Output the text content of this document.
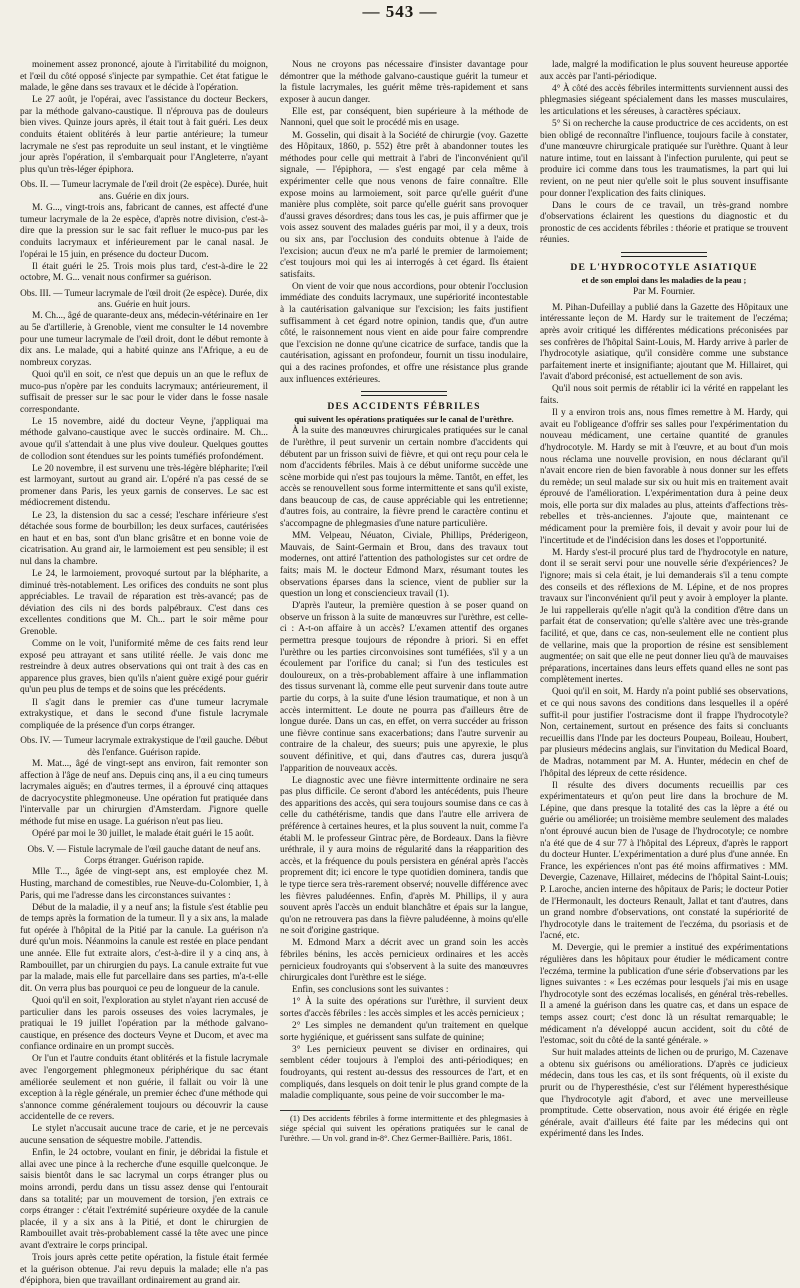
— 543 —

moinement assez prononcé, ajoute à l'irritabilité du moignon, et l'œil du côté opposé s'injecte par sympathie. Cet état fatigue le malade, le gêne dans ses travaux et le décide à l'opération.

Le 27 août, je l'opérai, avec l'assistance du docteur Beckers, par la méthode galvano-caustique. Il n'éprouva pas de douleurs bien vives. Quinze jours après, il était tout à fait guéri. Les deux conduits étaient oblitérés à leur partie antérieure; la tumeur lacrymale ne s'est pas reproduite un seul instant, et le vingtième jour après l'opération, il s'embarquait pour l'Angleterre, n'ayant plus qu'un très-léger épiphora.

Obs. II. — Tumeur lacrymale de l'œil droit (2e espèce). Durée, huit ans. Guérie en dix jours.

M. G..., vingt-trois ans, fabricant de cannes, est affecté d'une tumeur lacrymale de la 2e espèce, d'après notre division, c'est-à-dire que la pression sur le sac fait refluer le muco-pus par les conduits lacrymaux et inférieurement par le canal nasal. Je l'opérai le 15 juin, en présence du docteur Ducom.

Il était guéri le 25. Trois mois plus tard, c'est-à-dire le 22 octobre, M. G... venait nous confirmer sa guérison.

Obs. III. — Tumeur lacrymale de l'œil droit (2e espèce). Durée, dix ans. Guérie en huit jours.

M. Ch..., âgé de quarante-deux ans, médecin-vétérinaire en 1er au 5e d'artillerie, à Grenoble, vient me consulter le 14 novembre pour une tumeur lacrymale de l'œil droit, dont le début remonte à dix ans. Le malade, qui a habité quinze ans l'Afrique, a eu de nombreux coryzas.

Quoi qu'il en soit, ce n'est que depuis un an que le reflux de muco-pus n'opère par les conduits lacrymaux; antérieurement, il suffisait de presser sur le sac pour le vider dans le fosse nasale correspondante.

Le 15 novembre, aidé du docteur Veyne, j'appliquai ma méthode galvano-caustique avec le succès ordinaire. M. Ch... avoue qu'il s'attendait à une plus vive douleur. Quelques gouttes de collodion sont étendues sur les points tuméfiés profondément.

Le 20 novembre, il est survenu une très-légère blépharite; l'œil est larmoyant, surtout au grand air. L'opéré n'a pas cessé de se promener dans Paris, les yeux garnis de conserves. Le sac est médiocrement distendu.

Le 23, la distension du sac a cessé; l'eschare inférieure s'est détachée sous forme de bourbillon; les deux surfaces, cautérisées en haut et en bas, sont d'un blanc grisâtre et en bonne voie de cicatrisation. Au grand air, le larmoiement est peu sensible; il est nul dans la chambre.

Le 24, le larmoiement, provoqué surtout par la blépharite, a diminué très-notablement. Les orifices des conduits ne sont plus appréciables. Le travail de réparation est très-avancé; pas de déviation des cils ni des bords palpébraux. C'est dans ces excellentes conditions que M. Ch... part le soir même pour Grenoble.

Comme on le voit, l'uniformité même de ces faits rend leur exposé peu attrayant et sans utilité réelle. Je vais donc me restreindre à deux autres observations qui ont trait à des cas en apparence plus graves, bien qu'ils n'aient guère exigé pour guérir qu'un peu plus de temps et de soins que les précédents.

Il s'agit dans le premier cas d'une tumeur lacrymale extrakystique, et dans le second d'une fistule lacrymale compliquée de la présence d'un corps étranger.

Obs. IV. — Tumeur lacrymale extrakystique de l'œil gauche. Début dès l'enfance. Guérison rapide.

M. Mat..., âgé de vingt-sept ans environ, fait remonter son affection à l'âge de neuf ans. Depuis cinq ans, il a eu cinq tumeurs lacrymales aiguës; en d'autres termes, il a éprouvé cinq attaques de dacryocystite phlegmoneuse. Une opération fut pratiquée dans l'intervalle par un chirurgien d'Amsterdam. J'ignore quelle méthode fut mise en usage. La guérison n'eut pas lieu.

Opéré par moi le 30 juillet, le malade était guéri le 15 août.

Obs. V. — Fistule lacrymale de l'œil gauche datant de neuf ans. Corps étranger. Guérison rapide.

Mlle T..., âgée de vingt-sept ans, est employée chez M. Husting, marchand de comestibles, rue Neuve-du-Colombier, 1, à Paris, qui me l'adresse dans les circonstances suivantes :

Début de la maladie, il y a neuf ans; la fistule s'est établie peu de temps après la formation de la tumeur. Il y a six ans, la malade fut opérée à l'hôpital de la Pitié par la canule. La guérison n'a duré qu'un mois. Néanmoins la canule est restée en place pendant une année. Elle fut extraite alors, c'est-à-dire il y a cinq ans, à Rambouillet, par un chirurgien du pays. La canule extraite fut vue par la malade, mais elle fut parcellaire dans ses parties, m'a-t-elle dit. On verra plus bas pourquoi ce peu de longueur de la canule.

Quoi qu'il en soit, l'exploration au stylet n'ayant rien accusé de particulier dans les parois osseuses des voies lacrymales, je pratiquai le 19 juillet l'opération par la méthode galvano-caustique, en présence des docteurs Veyne et Ducom, et avec ma confiance ordinaire en un prompt succès.

Or l'un et l'autre conduits étant oblitérés et la fistule lacrymale avec l'engorgement phlegmoneux périphérique du sac étant améliorée seulement et non guérie, il fallait ou voir là une exception à la règle générale, un premier échec d'une méthode qui s'annonce comme généralement toujours ou découvrir la cause accidentelle de ce revers.

Le stylet n'accusait aucune trace de carie, et je ne percevais aucune sensation de séquestre mobile. J'attendis.

Enfin, le 24 octobre, voulant en finir, je débridai la fistule et allai avec une pince à la recherche d'une esquille quelconque. Je saisis bientôt dans le sac lacrymal un corps étranger plus ou moins arrondi, perdu dans un tissu assez dense qui l'entourait dans sa totalité; par un mouvement de torsion, j'en extrais ce corps étranger : c'était l'extrémité supérieure oxydée de la canule placée, il y a six ans à la Pitié, et dont le chirurgien de Rambouillet avait très-probablement cassé la tête avec une pince avant d'extraire le corps principal.

Trois jours après cette petite opération, la fistule était fermée et la guérison obtenue. J'ai revu depuis la malade; elle n'a pas d'épiphora, bien que travaillant ordinairement au grand air.

Nous ne croyons pas nécessaire d'insister davantage pour démontrer que la méthode galvano-caustique guérit la tumeur et la fistule lacrymales, les guérit même très-rapidement et sans exposer à aucun danger.

Elle est, par conséquent, bien supérieure à la méthode de Nannoni, quel que soit le procédé mis en usage.

M. Gosselin, qui disait à la Société de chirurgie (voy. Gazette des Hôpitaux, 1860, p. 552) être prêt à abandonner toutes les méthodes pour celle qui mettrait à l'abri de l'inconvénient qu'il signale, — l'épiphora, — s'est engagé par cela même à expérimenter celle que nous venons de faire connaître. Elle expose moins au larmoiement, soit parce qu'elle guérit d'une manière plus complète, soit parce qu'elle guérit sans provoquer d'aussi graves désordres; dans tous les cas, je puis affirmer que je vois assez souvent des malades guéris par moi, il y a deux, trois ou six ans, par l'occlusion des conduits obtenue à l'aide de l'excision; aucun d'eux ne m'a parlé le premier de larmoiement; c'est toujours moi qui les ai interrogés à cet égard. Ils étaient satisfaits.

On vient de voir que nous accordions, pour obtenir l'occlusion immédiate des conduits lacrymaux, une supériorité incontestable à la cautérisation galvanique sur l'excision; les faits justifient suffisamment à cet égard notre opinion, tandis que, d'un autre côté, le raisonnement nous vient en aide pour faire comprendre que l'excision ne donne qu'une cicatrice de surface, tandis que la cautérisation, agissant en profondeur, fournit un tissu inodulaire, qui a des racines profondes, et offre une résistance plus grande aux influences extérieures.

DES ACCIDENTS FÉBRILES
qui suivent les opérations pratiquées sur le canal de l'urèthre.

À la suite des manœuvres chirurgicales pratiquées sur le canal de l'urèthre, il peut survenir un certain nombre d'accidents qui débutent par un frisson suivi de fièvre, et qui ont reçu pour cela le nom d'accidents fébriles. Mais à ce début uniforme succède une scène morbide qui n'est pas toujours la même. Tantôt, en effet, les accès se renouvellent sous forme intermittente et sans qu'il existe, dans beaucoup de cas, de cause appréciable qui les entretienne; d'autres fois, au contraire, la fièvre prend le caractère continu et s'accompagne de phlegmasies d'une nature particulière.

MM. Velpeau, Néuaton, Civiale, Phillips, Préderigeon, Mauvais, de Saint-Germain et Brou, dans des travaux tout modernes, ont attiré l'attention des pathologistes sur cet ordre de faits; mais M. le docteur Edmond Marx, résumant toutes les observations éparses dans la science, vient de publier sur la question un long et consciencieux travail (1).

D'après l'auteur, la première question à se poser quand on observe un frisson à la suite de manœuvres sur l'urèthre, est celle-ci : A-t-on affaire à un accès? L'examen attentif des organes permettra presque toujours de répondre à priori. Si en effet l'urèthre ou les parties circonvoisines sont tuméfiées, s'il y a un écoulement par l'orifice du canal; si l'un des testicules est douloureux, on a très-probablement affaire à une inflammation des tissus survenant là, comme elle peut survenir dans toute autre partie du corps, à la suite d'une lésion traumatique, et non à un accès intermittent. Le doute ne pourra pas d'ailleurs être de longue durée. Dans un cas, en effet, on verra succéder au frisson une fièvre continue sans exacerbations; dans l'autre survenir au contraire de la chaleur, des sueurs; puis une apyrexie, le plus souvent définitive, et qui, dans d'autres cas, durera jusqu'à l'apparition de nouveaux accès.

Le diagnostic avec une fièvre intermittente ordinaire ne sera pas plus difficile. Ce seront d'abord les antécédents, puis l'heure des apparitions des accès, qui sera toujours soumise dans ce cas à celle du cathétérisme, tandis que dans l'autre elle arrivera de préférence à certaines heures, et la plus souvent la nuit, comme l'a établi M. le professeur Gintrac père, de Bordeaux. Dans la fièvre uréthrale, il y aura moins de régularité dans la réapparition des accès, et la fréquence du pouls persistera en général après l'accès proprement dit; ici encore le type quotidien dominera, tandis que le type tierce sera très-rarement observé; nouvelle différence avec les fièvres paludéennes. Enfin, d'après M. Phillips, il y aura souvent après l'accès un enduit blanchâtre et épais sur la langue, qu'on ne retrouvera pas dans la fièvre paludéenne, à moins qu'elle ne soit d'origine gastrique.

M. Edmond Marx a décrit avec un grand soin les accès fébriles bénins, les accès pernicieux ordinaires et les accès pernicieux foudroyants qui s'observent à la suite des manœuvres chirurgicales dont l'urèthre est le siége.

Enfin, ses conclusions sont les suivantes :

1° À la suite des opérations sur l'urèthre, il survient deux sortes d'accès fébriles : les accès simples et les accès pernicieux ;

2° Les simples ne demandent qu'un traitement en quelque sorte hygiénique, et guérissent sans sulfate de quinine;

3° Les pernicieux peuvent se diviser en ordinaires, qui semblent céder toujours à l'emploi des anti-périodiques; en foudroyants, qui restent au-dessus des ressources de l'art, et en compliqués, dans lesquels on doit tenir le plus grand compte de la maladie compliquante, sous peine de voir succomber le ma-

(1) Des accidents fébriles à forme intermittente et des phlegmasies à siége spécial qui suivent les opérations pratiquées sur le canal de l'urèthre. — Un vol. grand in-8°. Chez Germer-Baillière. Paris, 1861.

lade, malgré la modification le plus souvent heureuse apportée aux accès par l'anti-périodique.

4° À côté des accès fébriles intermittents surviennent aussi des phlegmasies siégeant spécialement dans les masses musculaires, les articulations et les séreuses, à caractères spéciaux.

5° Si on recherche la cause productrice de ces accidents, on est bien obligé de reconnaître l'influence, toujours facile à constater, d'une manœuvre chirurgicale pratiquée sur l'urèthre. Quant à leur nature intime, tout en laissant à l'infection purulente, qui peut se produire ici comme dans tous les traumatismes, la part qui lui revient, on ne peut nier qu'elle soit le plus souvent insuffisante pour donner l'explication des faits cliniques.

Dans le cours de ce travail, un très-grand nombre d'observations éclairent les questions du diagnostic et du pronostic de ces accidents fébriles : théorie et pratique se trouvent réunies.

DE L'HYDROCOTYLE ASIATIQUE
et de son emploi dans les maladies de la peau ;
Par M. Fournier.

M. Pihan-Dufeillay a publié dans la Gazette des Hôpitaux une intéressante leçon de M. Hardy sur le traitement de l'eczéma; après avoir critiqué les différentes médications préconisées par ses confrères de l'hôpital Saint-Louis, M. Hardy arrive à parler de l'hydrocotyle asiatique, qu'il considère comme une substance parfaitement inerte et insignifiante; ajoutant que M. Hillairet, qui l'avait d'abord préconisé, est actuellement de son avis.

Qu'il nous soit permis de rétablir ici la vérité en rappelant les faits.

Il y a environ trois ans, nous fîmes remettre à M. Hardy, qui avait eu l'obligeance d'offrir ses salles pour l'expérimentation du nouveau médicament, une certaine quantité de granules d'hydrocotyle. M. Hardy se mit à l'œuvre, et au bout d'un mois nous réclama une nouvelle provision, en nous déclarant qu'il n'avait encore rien de bien favorable à nous donner sur les effets du remède; un seul malade sur six ou huit mis en traitement avait éprouvé de l'amélioration. L'expérimentation dura à peine deux mois, elle porta sur dix malades au plus, atteints d'affections très-rebelles et très-anciennes. J'ajoute que, maintenant ce médicament pour la première fois, il devait y avoir pour lui de l'incertitude et de l'indécision dans les doses et l'opportunité.

M. Hardy s'est-il procuré plus tard de l'hydrocotyle en nature, dont il se serait servi pour une nouvelle série d'expériences? Je l'ignore; mais si cela était, je lui demanderais s'il a tenu compte des conseils et des réflexions de M. Lépine, et de nos propres travaux sur l'inconvénient qu'il peut y avoir à employer la plante. Je lui rappellerais qu'elle n'agit qu'à la condition d'être dans un parfait état de conservation; qu'elle s'altère avec une très-grande facilité, et que, dans ce cas, non-seulement elle ne contient plus de vellarine, mais que la proportion de résine est sensiblement augmentée; on sait que elle ne peut donner lieu qu'à de mauvaises préparations, incertaines dans leurs effets quand elles ne sont pas complètement inertes.

Quoi qu'il en soit, M. Hardy n'a point publié ses observations, et ce qui nous savons des conditions dans lesquelles il a opéré suffit-il pour justifier l'ostracisme dont il frappe l'hydrocotyle? Non, certainement, surtout en présence des faits si concluants recueillis dans l'Inde par les docteurs Poupeau, Boileau, Houbert, par plusieurs médecins anglais, sur l'invitation du Medical Board, de Madras, notamment par M. A. Hunter, médecin en chef de l'hôpital des lépreux de cette résidence.

Il résulte des divers documents recueillis par ces expérimentateurs et qu'on peut lire dans la brochure de M. Lépine, que dans presque la totalité des cas la lèpre a été ou guérie ou améliorée; un troisième membre seulement des malades n'ont éprouvé aucun bien de l'usage de l'hydrocotyle; ce nombre n'a été que de 4 sur 77 à l'hôpital des Lépreux, d'après le rapport du docteur Hunter. L'expérimentation a duré plus d'une année. En France, les expériences n'ont pas été moins affirmatives : MM. Devergie, Cazenave, Hillairet, médecins de l'hôpital Saint-Louis; P. Laroche, ancien interne des hôpitaux de Paris; le docteur Potier de l'Hermonault, les docteurs Renault, Jallat et tant d'autres, dans un grand nombre d'observations, ont constaté la supériorité de l'hydrocotyle dans le traitement de l'eczéma, du psoriasis et de l'acné, etc.

M. Devergie, qui le premier a institué des expérimentations régulières dans les hôpitaux pour étudier le médicament contre l'eczéma, termine la publication d'une série d'observations par les lignes suivantes : « Les eczémas pour lesquels j'ai mis en usage l'hydrocotyle sont des eczémas localisés, en général très-rebelles. Il a amené la guérison dans les quatre cas, et dans un espace de temps assez court; c'est donc là un résultat remarquable; le médicament n'a développé aucun accident, soit du côté de l'estomac, soit du côté de la santé générale. »

Sur huit malades atteints de lichen ou de prurigo, M. Cazenave a obtenu six guérisons ou améliorations. D'après ce judicieux médecin, dans tous les cas, et ils sont fréquents, où il existe du prurit ou de l'hyperesthésie, c'est sur l'élément hyperesthésique que l'hydrocotyle agit d'abord, et avec une merveilleuse promptitude. Cette observation, nous avoir été érigée en règle générale, avait d'ailleurs été faite par les médecins qui ont expérimenté dans les Indes.
